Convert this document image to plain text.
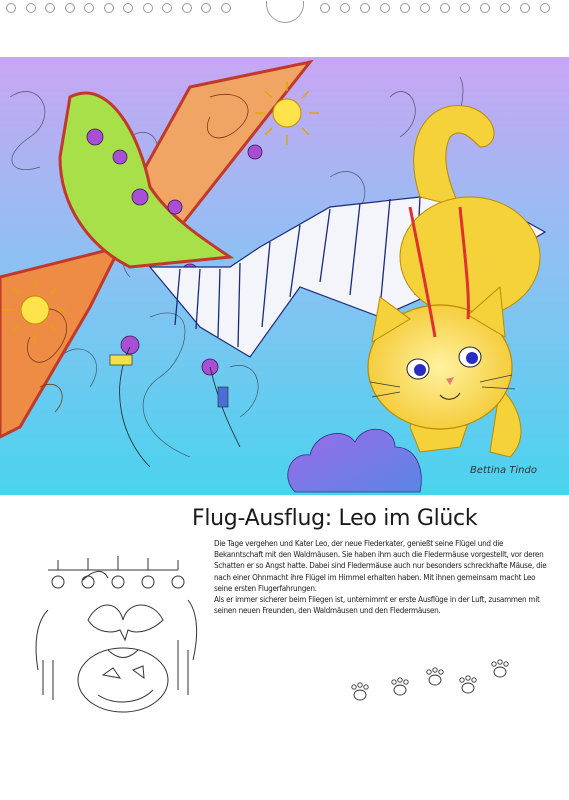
Bettina Tindo
Flug-Ausflug: Leo im Glück

Die Tage vergehen und Kater Leo, der neue Flederkater, genießt seine Flügel und die Bekanntschaft mit den Waldmäusen. Sie haben ihm auch die Fledermäuse vorgestellt, vor deren Schatten er so Angst hatte. Dabei sind Fledermäuse auch nur besonders schreckhafte Mäuse, die nach einer Ohnmacht ihre Flügel im Himmel erhalten haben. Mit ihnen gemeinsam macht Leo seine ersten Flugerfahrungen.

Als er immer sicherer beim Fliegen ist, unternimmt er erste Ausflüge in der Luft, zusammen mit seinen neuen Freunden, den Waldmäusen und den Fledermäusen.
